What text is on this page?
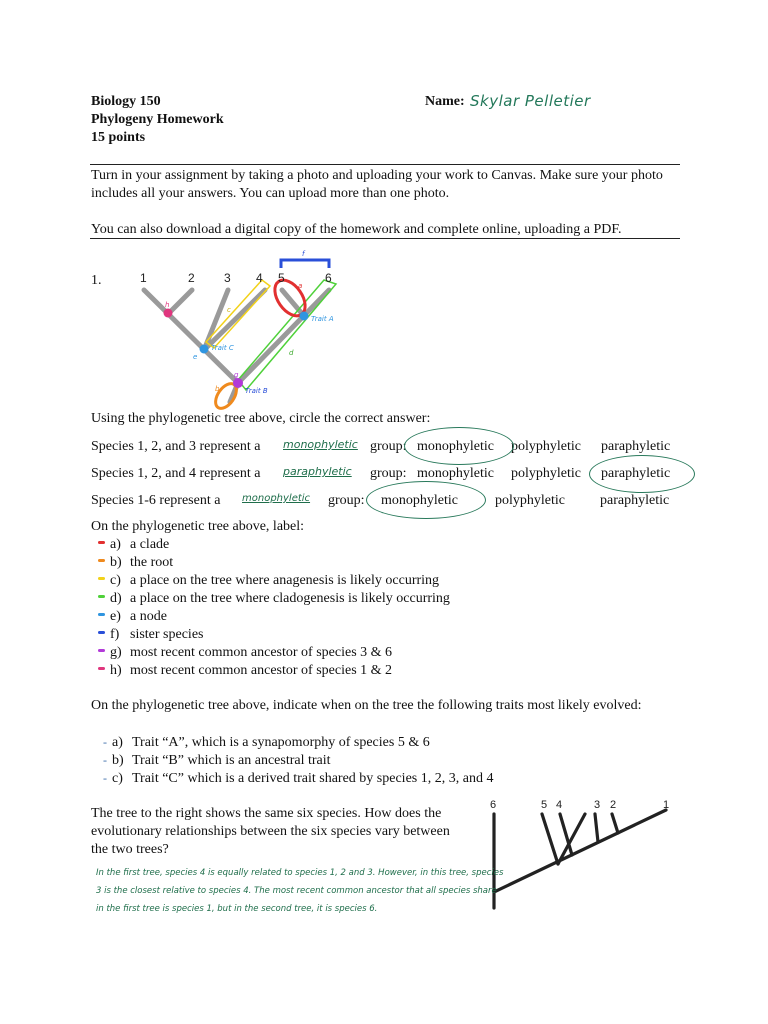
Biology 150
Phylogeny Homework
15 points
Name: Skylar Pelletier
Turn in your assignment by taking a photo and uploading your work to Canvas. Make sure your photo includes all your answers. You can upload more than one photo.
You can also download a digital copy of the homework and complete online, uploading a PDF.
1.	1	2 3 4 5	6
a
b
c
d
e
f
g
h
Trait A
Trait B
Trait C
Using the phylogenetic tree above, circle the correct answer:
Species 1, 2, and 3 represent a monophyletic group: monophyletic polyphyletic paraphyletic
Species 1, 2, and 4 represent a paraphyletic group: monophyletic polyphyletic paraphyletic
Species 1-6 represent a monophyletic group: monophyletic	polyphyletic	paraphyletic
On the phylogenetic tree above, label:
a) a clade
b) the root
c) a place on the tree where anagenesis is likely occurring
d) a place on the tree where cladogenesis is likely occurring
e) a node
f) sister species
g) most recent common ancestor of species 3 & 6
h) most recent common ancestor of species 1 & 2
On the phylogenetic tree above, indicate when on the tree the following traits most likely evolved:
- a) Trait “A”, which is a synapomorphy of species 5 & 6
- b) Trait “B” which is an ancestral trait
- c) Trait “C” which is a derived trait shared by species 1, 2, 3, and 4
The tree to the right shows the same six species. How does the evolutionary relationships between the six species vary between the two trees?
6	5 4	3 2	1
In the first tree, species 4 is equally related to species 1, 2 and 3. However, in this tree, species
3 is the closest relative to species 4. The most recent common ancestor that all species share
in the first tree is species 1, but in the second tree, it is species 6.
